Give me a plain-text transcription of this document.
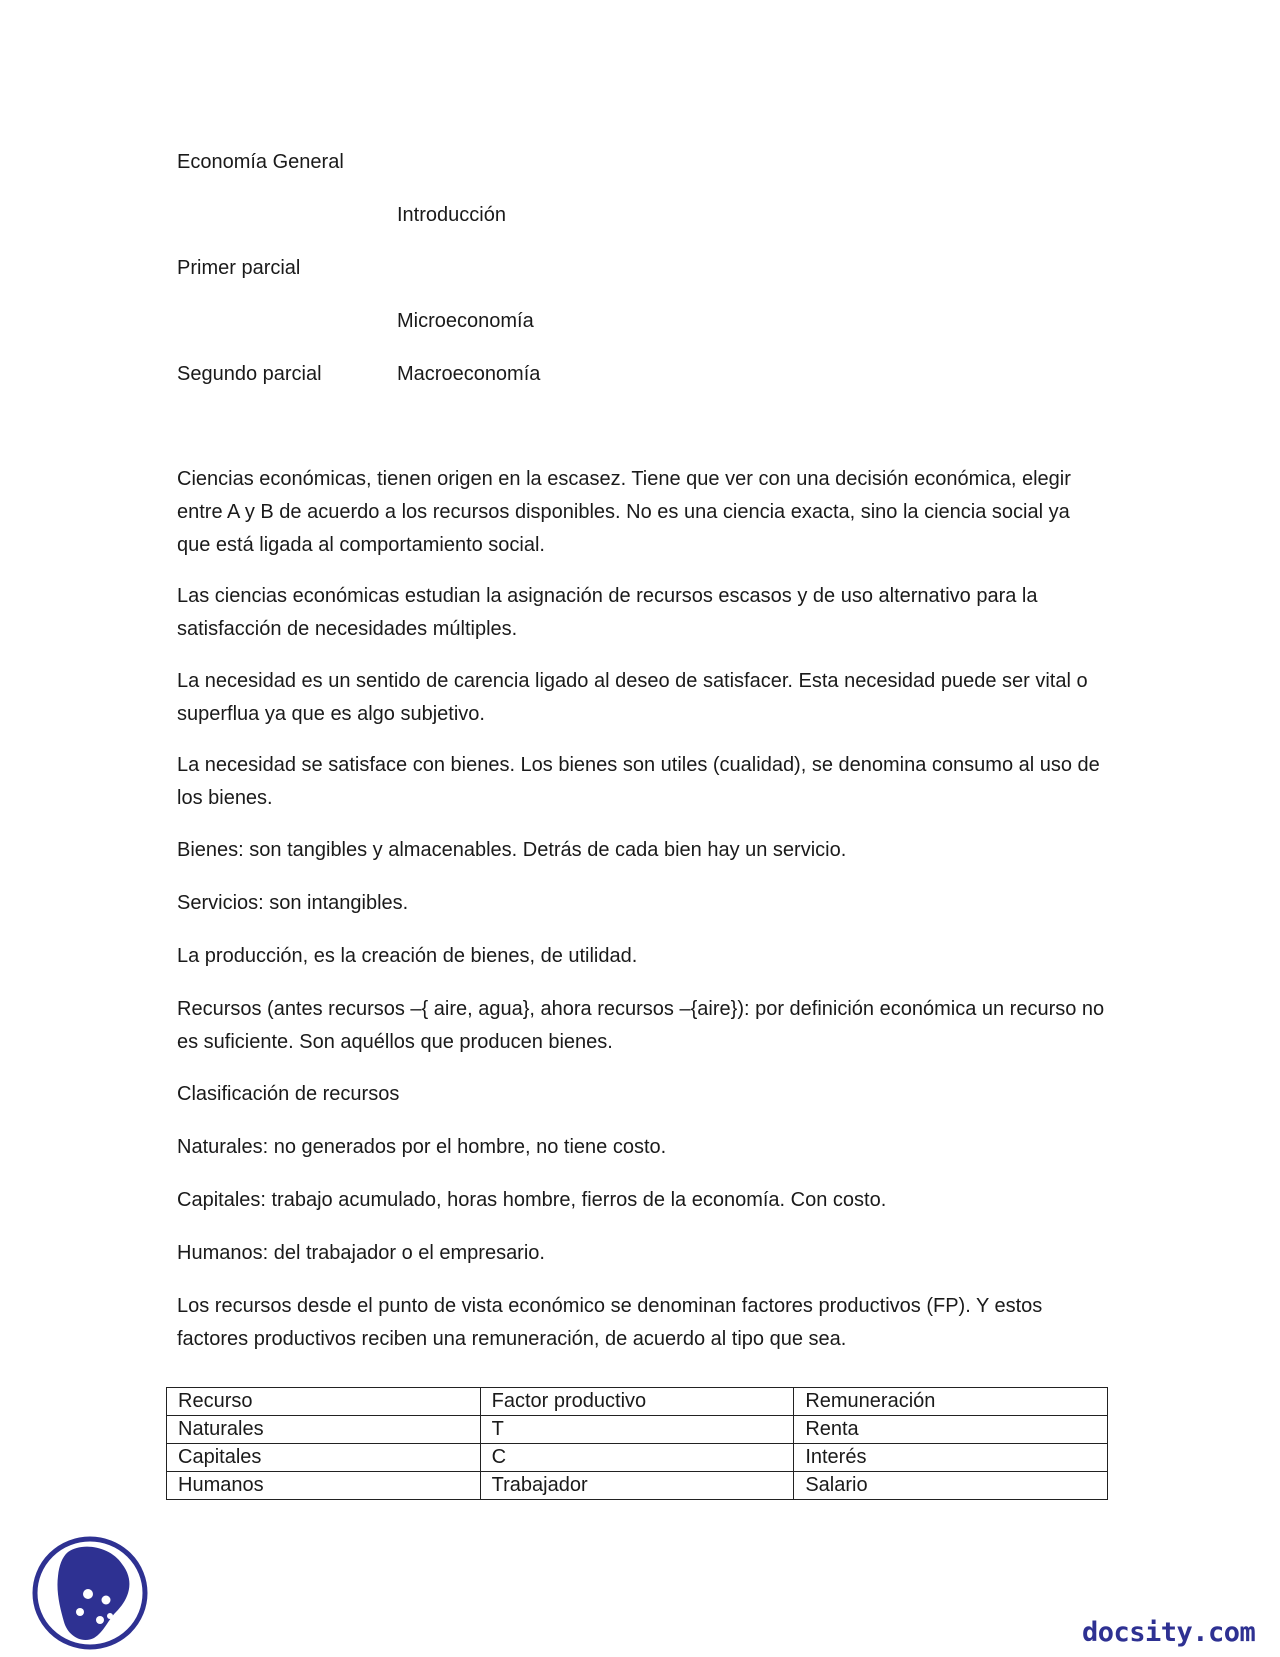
Economía General
Introducción
Primer parcial
Microeconomía
Segundo parcial	Macroeconomía

Ciencias económicas, tienen origen en la escasez. Tiene que ver con una decisión económica, elegir entre A y B de acuerdo a los recursos disponibles. No es una ciencia exacta, sino la ciencia social ya que está ligada al comportamiento social.

Las ciencias económicas estudian la asignación de recursos escasos y de uso alternativo para la satisfacción de necesidades múltiples.

La necesidad es un sentido de carencia ligado al deseo de satisfacer. Esta necesidad puede ser vital o superflua ya que es algo subjetivo.

La necesidad se satisface con bienes. Los bienes son utiles (cualidad), se denomina consumo al uso de los bienes.

Bienes: son tangibles y almacenables. Detrás de cada bien hay un servicio.

Servicios: son intangibles.

La producción, es la creación de bienes, de utilidad.

Recursos (antes recursos –{ aire, agua}, ahora recursos –{aire}): por definición económica un recurso no es suficiente. Son aquéllos que producen bienes.

Clasificación de recursos

Naturales: no generados por el hombre, no tiene costo.

Capitales: trabajo acumulado, horas hombre, fierros de la economía. Con costo.

Humanos: del trabajador o el empresario.

Los recursos desde el punto de vista económico se denominan factores productivos (FP). Y estos factores productivos reciben una remuneración, de acuerdo al tipo que sea.

Recurso	Factor productivo	Remuneración
Naturales	T	Renta
Capitales	C	Interés
Humanos	Trabajador	Salario
docsity.com
